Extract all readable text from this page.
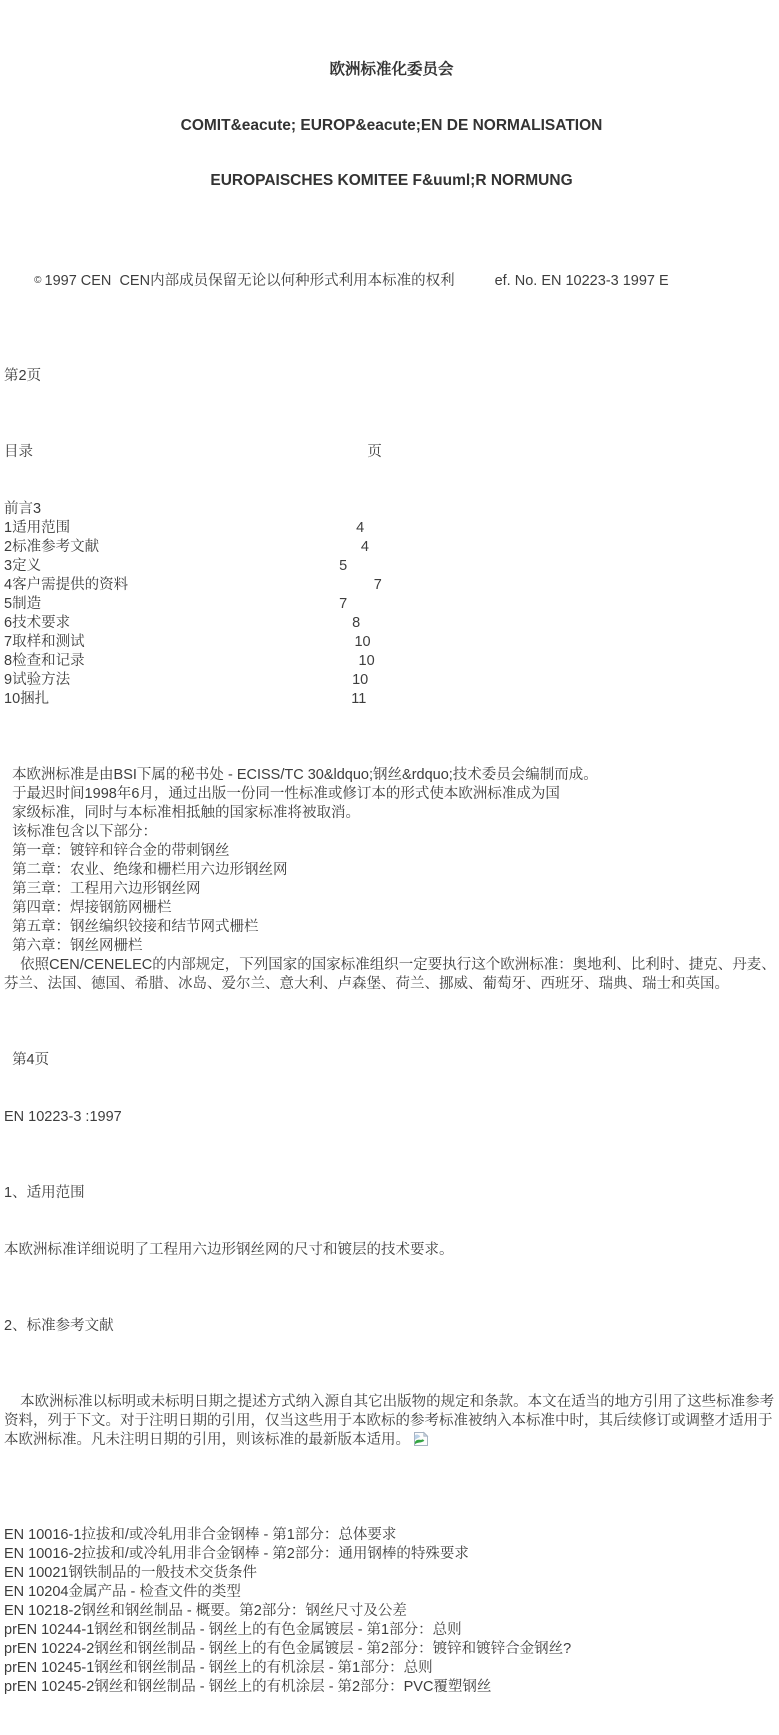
欧洲标准化委员会

COMIT&eacute; EUROP&eacute;EN DE NORMALISATION

EUROPAISCHES KOMITEE F&uuml;R NORMUNG

© 1997 CEN  CEN内部成员保留无论以何种形式利用本标准的权利	ef. No. EN 10223-3 1997 E

第2页

目录                                                                                   页

前言3
1适用范围                                                                       4
2标准参考文献                                                                 4
3定义                                                                          5
4客户需提供的资料                                                             7
5制造                                                                          7
6技术要求                                                                      8
7取样和测试                                                                   10
8检查和记录                                                                    10
9试验方法                                                                      10
10捆扎                                                                           11

本欧洲标准是由BSI下属的秘书处 - ECISS/TC 30&ldquo;钢丝&rdquo;技术委员会编制而成。
于最迟时间1998年6月，通过出版一份同一性标准或修订本的形式使本欧洲标准成为国
家级标准，同时与本标准相抵触的国家标准将被取消。
该标准包含以下部分：
第一章：镀锌和锌合金的带刺钢丝
第二章：农业、绝缘和栅栏用六边形钢丝网
第三章：工程用六边形钢丝网
第四章：焊接钢筋网栅栏
第五章：钢丝编织铰接和结节网式栅栏
第六章：钢丝网栅栏
依照CEN/CENELEC的内部规定，下列国家的国家标准组织一定要执行这个欧洲标准：奥地利、比利时、捷克、丹麦、芬兰、法国、德国、希腊、冰岛、爱尔兰、意大利、卢森堡、荷兰、挪威、葡萄牙、西班牙、瑞典、瑞士和英国。

第4页

EN 10223-3 :1997

1、适用范围

本欧洲标准详细说明了工程用六边形钢丝网的尺寸和镀层的技术要求。

2、标准参考文献

本欧洲标准以标明或未标明日期之提述方式纳入源自其它出版物的规定和条款。本文在适当的地方引用了这些标准参考资料，列于下文。对于注明日期的引用，仅当这些用于本欧标的参考标准被纳入本标准中时，其后续修订或调整才适用于本欧洲标准。凡未注明日期的引用，则该标准的最新版本适用。

EN 10016-1拉拔和/或冷轧用非合金钢棒 - 第1部分：总体要求
EN 10016-2拉拔和/或冷轧用非合金钢棒 - 第2部分：通用钢棒的特殊要求
EN 10021钢铁制品的一般技术交货条件
EN 10204金属产品 - 检查文件的类型
EN 10218-2钢丝和钢丝制品 - 概要。第2部分：钢丝尺寸及公差
prEN 10244-1钢丝和钢丝制品 - 钢丝上的有色金属镀层 - 第1部分：总则
prEN 10224-2钢丝和钢丝制品 - 钢丝上的有色金属镀层 - 第2部分：镀锌和镀锌合金钢丝?
prEN 10245-1钢丝和钢丝制品 - 钢丝上的有机涂层 - 第1部分：总则
prEN 10245-2钢丝和钢丝制品 - 钢丝上的有机涂层 - 第2部分：PVC覆塑钢丝
